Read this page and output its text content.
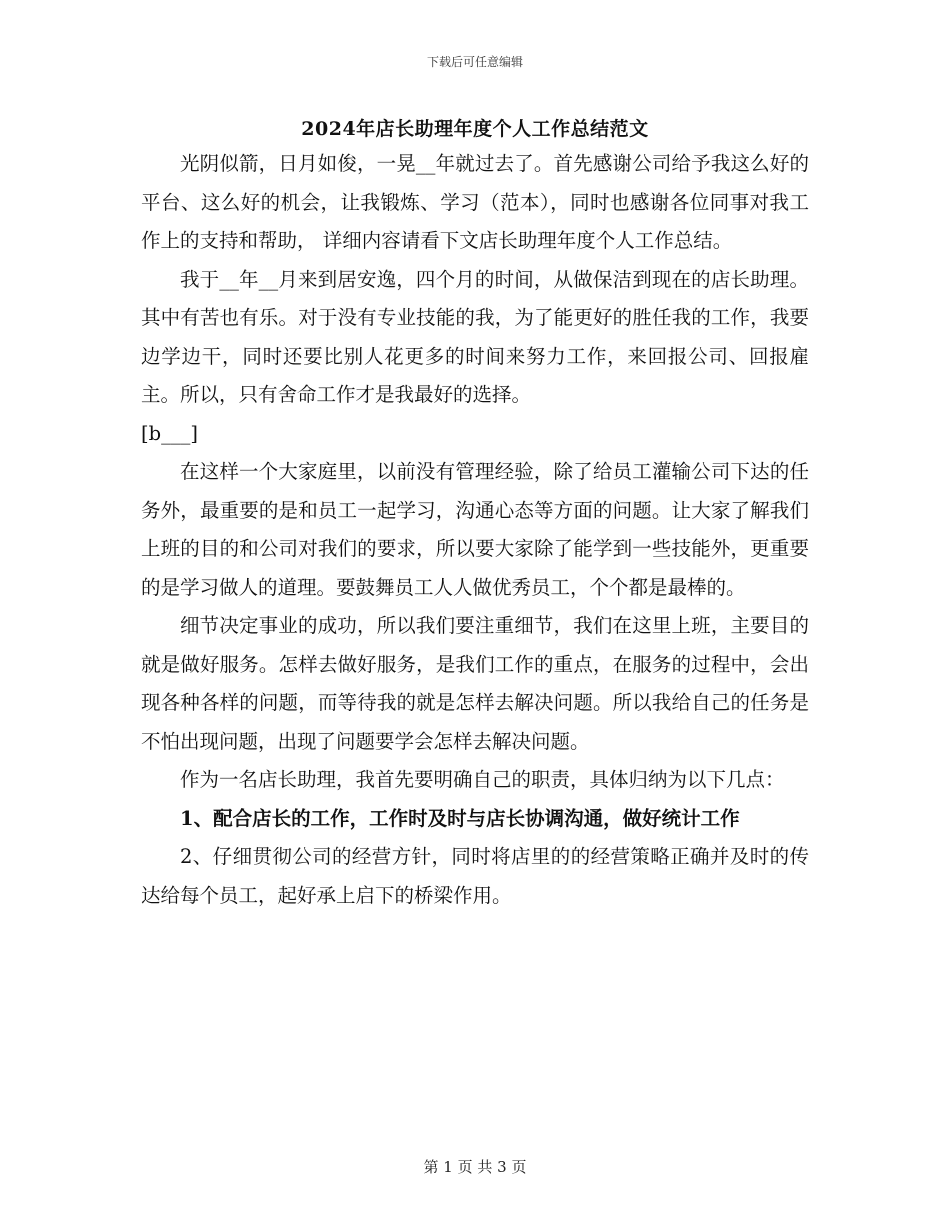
下载后可任意编辑
2024年店长助理年度个人工作总结范文

光阴似箭，日月如俊，一晃__年就过去了。首先感谢公司给予我这么好的平台、这么好的机会，让我锻炼、学习（范本），同时也感谢各位同事对我工作上的支持和帮助， 详细内容请看下文店长助理年度个人工作总结。

我于__年__月来到居安逸，四个月的时间，从做保洁到现在的店长助理。其中有苦也有乐。对于没有专业技能的我，为了能更好的胜任我的工作，我要边学边干，同时还要比别人花更多的时间来努力工作，来回报公司、回报雇主。所以，只有舍命工作才是我最好的选择。

[b___]

在这样一个大家庭里，以前没有管理经验，除了给员工灌输公司下达的任务外，最重要的是和员工一起学习，沟通心态等方面的问题。让大家了解我们上班的目的和公司对我们的要求，所以要大家除了能学到一些技能外，更重要的是学习做人的道理。要鼓舞员工人人做优秀员工，个个都是最棒的。

细节决定事业的成功，所以我们要注重细节，我们在这里上班，主要目的就是做好服务。怎样去做好服务，是我们工作的重点，在服务的过程中，会出现各种各样的问题，而等待我的就是怎样去解决问题。所以我给自己的任务是不怕出现问题，出现了问题要学会怎样去解决问题。

作为一名店长助理，我首先要明确自己的职责，具体归纳为以下几点：

1、配合店长的工作，工作时及时与店长协调沟通，做好统计工作

2、仔细贯彻公司的经营方针，同时将店里的的经营策略正确并及时的传达给每个员工，起好承上启下的桥梁作用。

第 1 页 共 3 页
